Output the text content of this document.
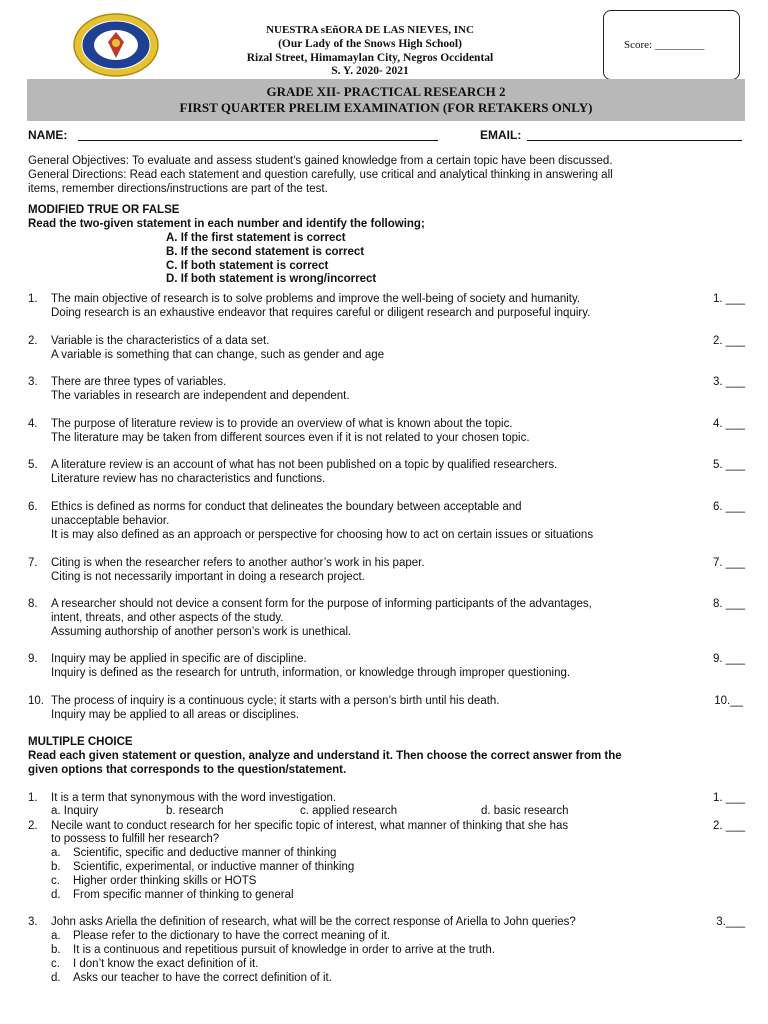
NUESTRA sEñORA DE LAS NIEVES, INC
(Our Lady of the Snows High School)
Rizal Street, Himamaylan City, Negros Occidental
S. Y. 2020- 2021
Score: _________
GRADE XII- PRACTICAL RESEARCH 2
FIRST QUARTER PRELIM EXAMINATION (FOR RETAKERS ONLY)
NAME:	EMAIL:
General Objectives: To evaluate and assess student’s gained knowledge from a certain topic have been discussed.
General Directions: Read each statement and question carefully, use critical and analytical thinking in answering all
items, remember directions/instructions are part of the test.
MODIFIED TRUE OR FALSE
Read the two-given statement in each number and identify the following;
A. If the first statement is correct
B. If the second statement is correct
C. If both statement is correct
D. If both statement is wrong/incorrect
1. The main objective of research is to solve problems and improve the well-being of society and humanity.
Doing research is an exhaustive endeavor that requires careful or diligent research and purposeful inquiry.
1. ___
2. Variable is the characteristics of a data set.
A variable is something that can change, such as gender and age
2. ___
3. There are three types of variables.
The variables in research are independent and dependent.
3. ___
4. The purpose of literature review is to provide an overview of what is known about the topic.
The literature may be taken from different sources even if it is not related to your chosen topic.
4. ___
5. A literature review is an account of what has not been published on a topic by qualified researchers.
Literature review has no characteristics and functions.
5. ___
6. Ethics is defined as norms for conduct that delineates the boundary between acceptable and
unacceptable behavior.
It is may also defined as an approach or perspective for choosing how to act on certain issues or situations
6. ___
7. Citing is when the researcher refers to another author’s work in his paper.
Citing is not necessarily important in doing a research project.
7. ___
8. A researcher should not device a consent form for the purpose of informing participants of the advantages,
intent, threats, and other aspects of the study.
Assuming authorship of another person’s work is unethical.
8. ___
9. Inquiry may be applied in specific are of discipline.
Inquiry is defined as the research for untruth, information, or knowledge through improper questioning.
9. ___
10. The process of inquiry is a continuous cycle; it starts with a person’s birth until his death.
Inquiry may be applied to all areas or disciplines.
10.__
MULTIPLE CHOICE
Read each given statement or question, analyze and understand it. Then choose the correct answer from the
given options that corresponds to the question/statement.
1. It is a term that synonymous with the word investigation.	1. ___
a. Inquiry	b. research	c. applied research	d. basic research
2. Necile want to conduct research for her specific topic of interest, what manner of thinking that she has
to possess to fulfill her research?
2. ___
a. Scientific, specific and deductive manner of thinking
b. Scientific, experimental, or inductive manner of thinking
c. Higher order thinking skills or HOTS
d. From specific manner of thinking to general
3. John asks Ariella the definition of research, what will be the correct response of Ariella to John queries?	3.___
a. Please refer to the dictionary to have the correct meaning of it.
b. It is a continuous and repetitious pursuit of knowledge in order to arrive at the truth.
c. I don’t know the exact definition of it.
d. Asks our teacher to have the correct definition of it.
